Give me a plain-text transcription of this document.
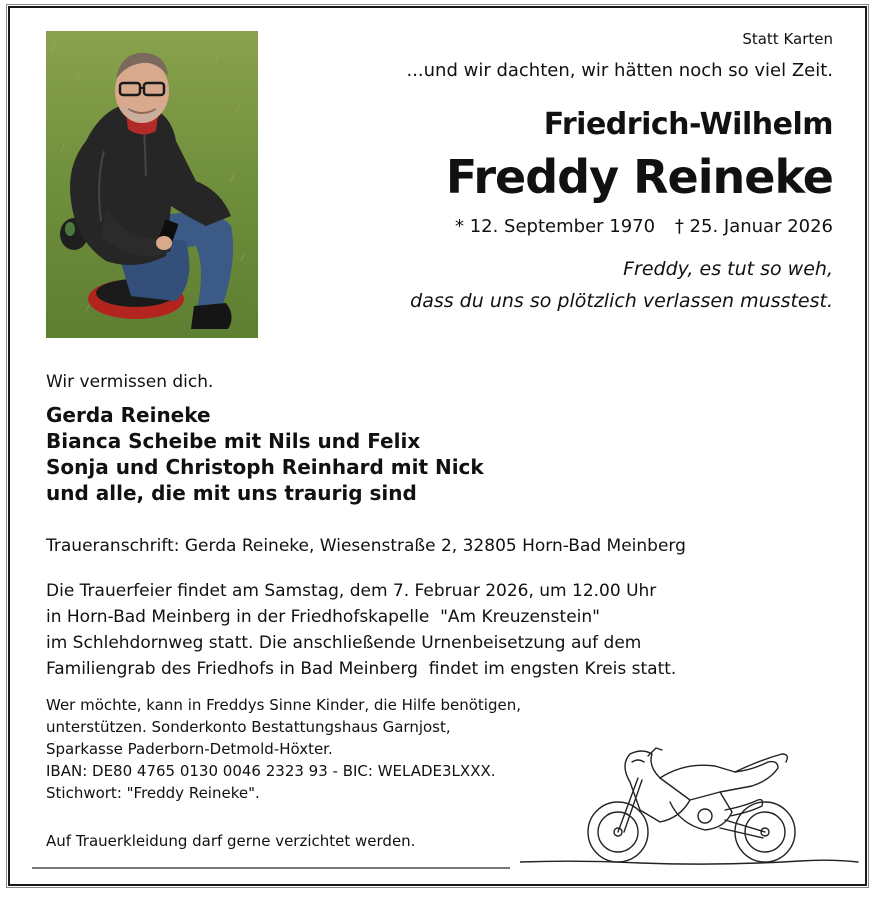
Statt Karten
...und wir dachten, wir hätten noch so viel Zeit.
Friedrich-Wilhelm
Freddy Reineke
* 12. September 1970 † 25. Januar 2026
Freddy, es tut so weh,
dass du uns so plötzlich verlassen musstest.
Wir vermissen dich.
Gerda Reineke
Bianca Scheibe mit Nils und Felix
Sonja und Christoph Reinhard mit Nick
und alle, die mit uns traurig sind
Traueranschrift: Gerda Reineke, Wiesenstraße 2, 32805 Horn-Bad Meinberg
Die Trauerfeier findet am Samstag, dem 7. Februar 2026, um 12.00 Uhr
in Horn-Bad Meinberg in der Friedhofskapelle  "Am Kreuzenstein"
im Schlehdornweg statt. Die anschließende Urnenbeisetzung auf dem
Familiengrab des Friedhofs in Bad Meinberg  findet im engsten Kreis statt.
Wer möchte, kann in Freddys Sinne Kinder, die Hilfe benötigen,
unterstützen. Sonderkonto Bestattungshaus Garnjost,
Sparkasse Paderborn-Detmold-Höxter.
IBAN: DE80 4765 0130 0046 2323 93 - BIC: WELADE3LXXX.
Stichwort: "Freddy Reineke".
Auf Trauerkleidung darf gerne verzichtet werden.
